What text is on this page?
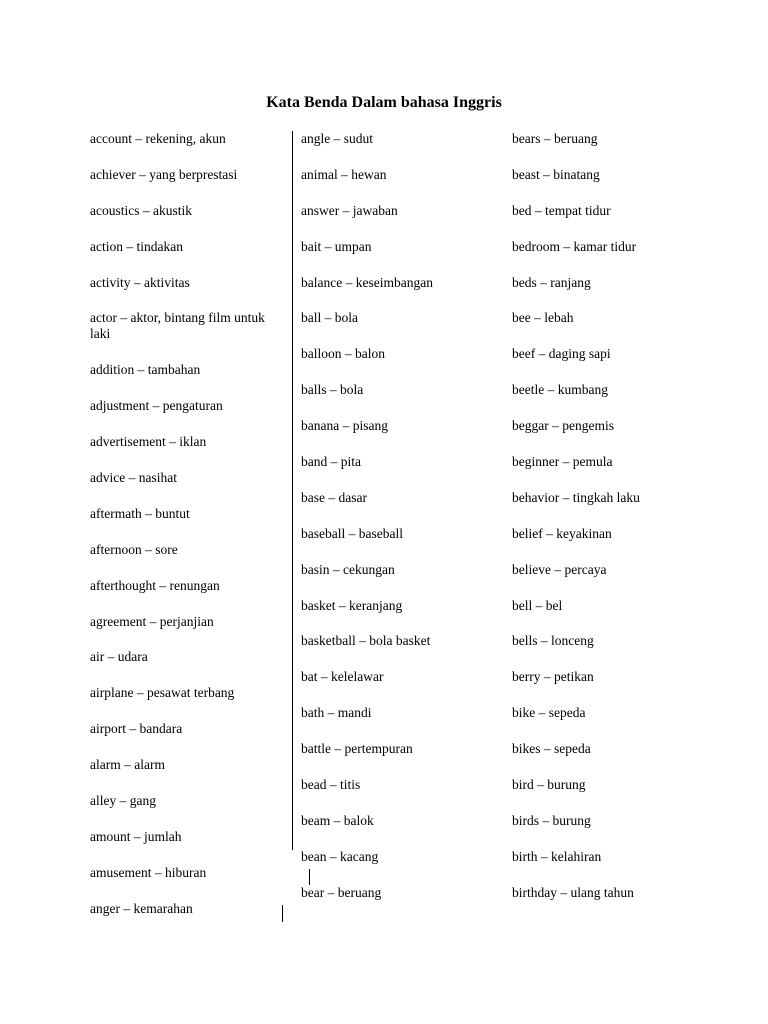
Kata Benda Dalam bahasa Inggris
account – rekening, akun
achiever – yang berprestasi
acoustics – akustik
action – tindakan
activity – aktivitas
actor – aktor, bintang film untuk laki
addition – tambahan
adjustment – pengaturan
advertisement – iklan
advice – nasihat
aftermath – buntut
afternoon – sore
afterthought – renungan
agreement – perjanjian
air – udara
airplane – pesawat terbang
airport – bandara
alarm – alarm
alley – gang
amount – jumlah
amusement – hiburan
anger – kemarahan
angle – sudut
animal – hewan
answer – jawaban
bait – umpan
balance – keseimbangan
ball – bola
balloon – balon
balls – bola
banana – pisang
band – pita
base – dasar
baseball – baseball
basin – cekungan
basket – keranjang
basketball – bola basket
bat – kelelawar
bath – mandi
battle – pertempuran
bead – titis
beam – balok
bean – kacang
bear – beruang
bears – beruang
beast – binatang
bed – tempat tidur
bedroom – kamar tidur
beds – ranjang
bee – lebah
beef – daging sapi
beetle – kumbang
beggar – pengemis
beginner – pemula
behavior – tingkah laku
belief – keyakinan
believe – percaya
bell – bel
bells – lonceng
berry – petikan
bike – sepeda
bikes – sepeda
bird – burung
birds – burung
birth – kelahiran
birthday – ulang tahun
